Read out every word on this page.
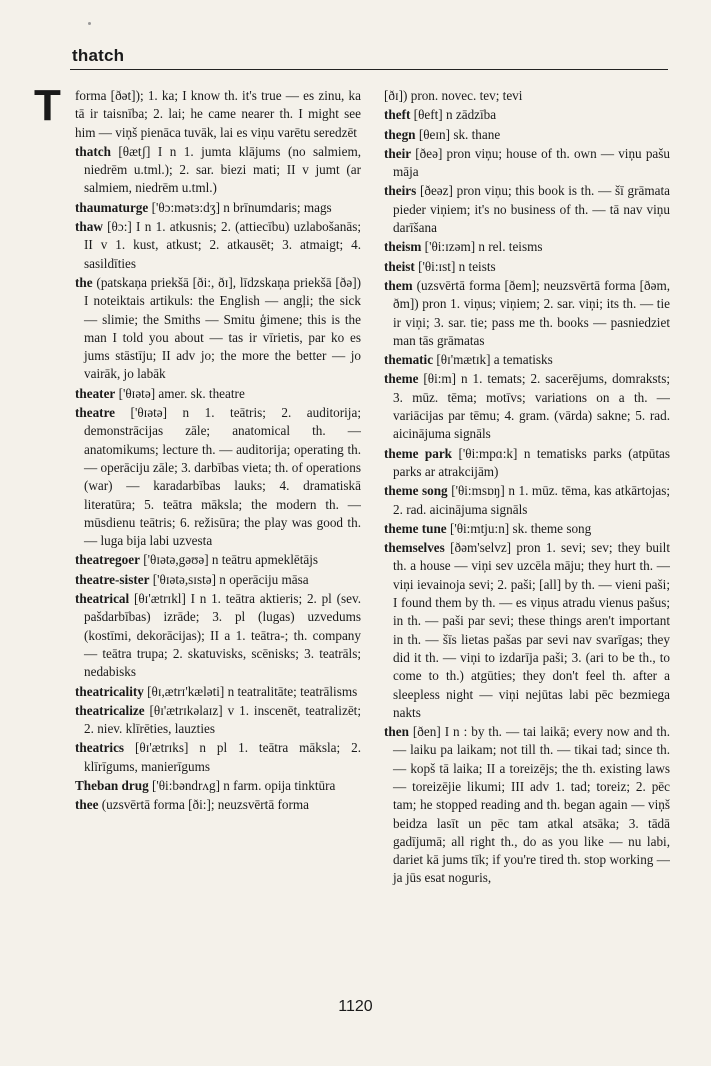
thatch
T forma [ðət]); 1. ka; I know th. it's true — es zinu, ka tā ir taisnība; 2. lai; he came nearer th. I might see him — viņš pienāca tuvāk, lai es viņu varētu seredzēt

thatch [θætʃ] I n 1. jumta klājums (no salmiem, niedrēm u.tml.); 2. sar. biezi mati; II v jumt (ar salmiem, niedrēm u.tml.)

thaumaturge ['θɔ:mətɜ:dʒ] n brīnumdaris; mags

thaw [θɔ:] I n 1. atkusnis; 2. (attiecību) uzlabošanās; II v 1. kust, atkust; 2. atkausēt; 3. atmaigt; 4. sasildīties

the (patskaņa priekšā [ði:, ðɪ], līdzskaņa priekšā [ðə]) I noteiktais artikuls: the English — angļi; the sick — slimie; the Smiths — Smitu ģimene; this is the man I told you about — tas ir vīrietis, par ko es jums stāstīju; II adv jo; the more the better — jo vairāk, jo labāk

theater ['θɪətə] amer. sk. theatre

theatre ['θɪətə] n 1. teātris; 2. auditorija; demonstrācijas zāle; anatomical th. — anatomikums; lecture th. — auditorija; operating th. — operāciju zāle; 3. darbības vieta; th. of operations (war) — karadarbības lauks; 4. dramatiskā literatūra; 5. teātra māksla; the modern th. — mūsdienu teātris; 6. režisūra; the play was good th. — luga bija labi uzvesta

theatregoer ['θɪətə,gəʊə] n teātru apmeklētājs

theatre-sister ['θɪətə,sɪstə] n operāciju māsa

theatrical [θɪ'ætrɪkl] I n 1. teātra aktieris; 2. pl (sev. pašdarbības) izrāde; 3. pl (lugas) uzvedums (kostīmi, dekorācijas); II a 1. teātra-; th. company — teātra trupa; 2. skatuvisks, scēnisks; 3. teatrāls; nedabisks

theatricality [θɪ,ætrɪ'kæləti] n teatralitāte; teatrālisms

theatricalize [θɪ'ætrɪkəlaɪz] v 1. inscenēt, teatralizēt; 2. niev. klīrēties, lauzties

theatrics [θɪ'ætrɪks] n pl 1. teātra māksla; 2. klīrīgums, manierīgums

Theban drug ['θi:bəndrʌg] n farm. opija tinktūra

thee (uzsvērtā forma [ði:]; neuzsvērtā forma

[ðɪ]) pron. novec. tev; tevi

theft [θeft] n zādzība

thegn [θeɪn] sk. thane

their [ðeə] pron viņu; house of th. own — viņu pašu māja

theirs [ðeəz] pron viņu; this book is th. — šī grāmata pieder viņiem; it's no business of th. — tā nav viņu darīšana

theism ['θi:ɪzəm] n rel. teisms

theist ['θi:ɪst] n teists

them (uzsvērtā forma [ðem]; neuzsvērtā forma [ðəm, ðm]) pron 1. viņus; viņiem; 2. sar. viņi; its th. — tie ir viņi; 3. sar. tie; pass me th. books — pasniedziet man tās grāmatas

thematic [θɪ'mætɪk] a tematisks

theme [θi:m] n 1. temats; 2. sacerējums, domraksts; 3. mūz. tēma; motīvs; variations on a th. — variācijas par tēmu; 4. gram. (vārda) sakne; 5. rad. aicinājuma signāls

theme park ['θi:mpɑ:k] n tematisks parks (atpūtas parks ar atrakcijām)

theme song ['θi:msɒŋ] n 1. mūz. tēma, kas atkārtojas; 2. rad. aicinājuma signāls

theme tune ['θi:mtju:n] sk. theme song

themselves [ðəm'selvz] pron 1. sevi; sev; they built th. a house — viņi sev uzcēla māju; they hurt th. — viņi ievainoja sevi; 2. paši; [all] by th. — vieni paši; I found them by th. — es viņus atradu vienus pašus; in th. — paši par sevi; these things aren't important in th. — šīs lietas pašas par sevi nav svarīgas; they did it th. — viņi to izdarīja paši; 3. (ari to be th., to come to th.) atgūties; they don't feel th. after a sleepless night — viņi nejūtas labi pēc bezmiega nakts

then [ðen] I n : by th. — tai laikā; every now and th. — laiku pa laikam; not till th. — tikai tad; since th. — kopš tā laika; II a toreizējs; the th. existing laws — toreizējie likumi; III adv 1. tad; toreiz; 2. pēc tam; he stopped reading and th. began again — viņš beidza lasīt un pēc tam atkal atsāka; 3. tādā gadījumā; all right th., do as you like — nu labi, dariet kā jums tīk; if you're tired th. stop working — ja jūs esat noguris,

1120
